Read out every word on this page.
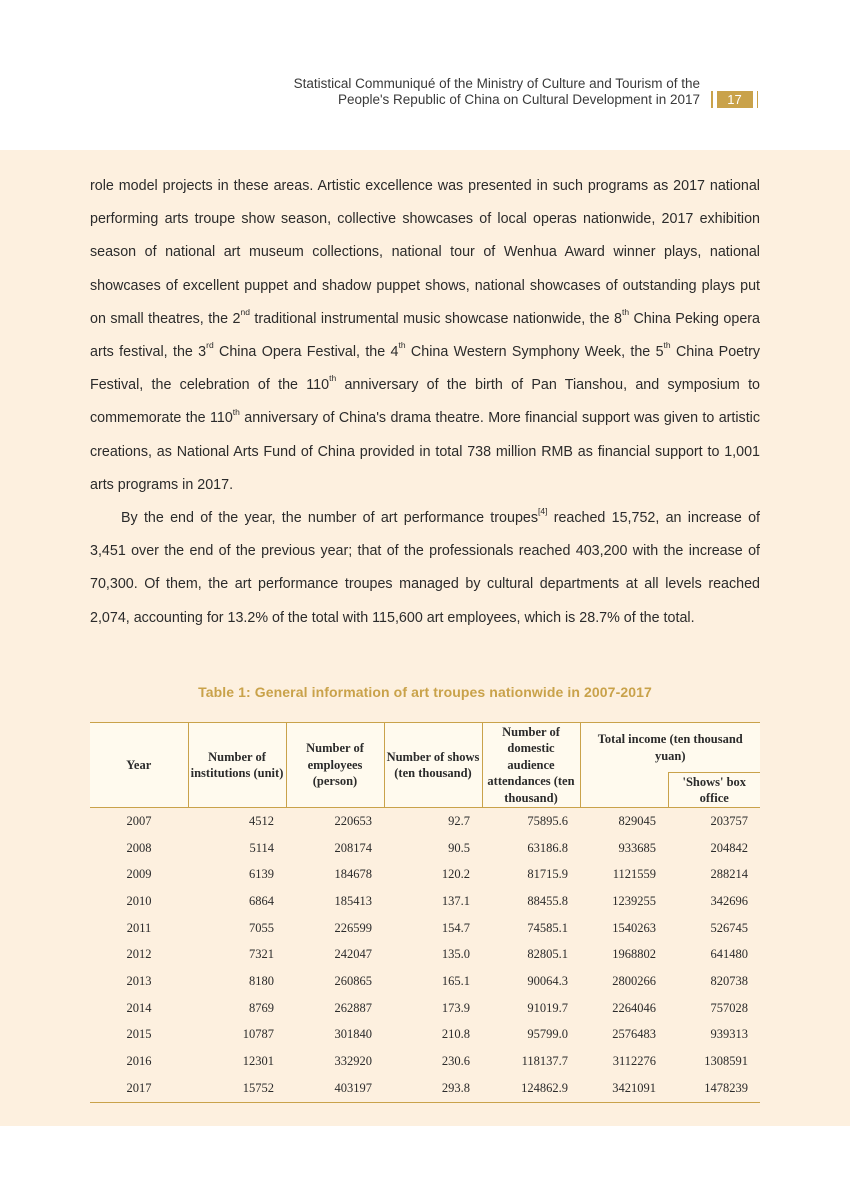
Statistical Communiqué of the Ministry of Culture and Tourism of the
People's Republic of China on Cultural Development in 2017	17

role model projects in these areas. Artistic excellence was presented in such programs as 2017 national performing arts troupe show season, collective showcases of local operas nationwide, 2017 exhibition season of national art museum collections, national tour of Wenhua Award winner plays, national showcases of excellent puppet and shadow puppet shows, national showcases of outstanding plays put on small theatres, the 2nd traditional instrumental music showcase nationwide, the 8th China Peking opera arts festival, the 3rd China Opera Festival, the 4th China Western Symphony Week, the 5th China Poetry Festival, the celebration of the 110th anniversary of the birth of Pan Tianshou, and symposium to commemorate the 110th anniversary of China's drama theatre. More financial support was given to artistic creations, as National Arts Fund of China provided in total 738 million RMB as financial support to 1,001 arts programs in 2017.

By the end of the year, the number of art performance troupes[4] reached 15,752, an increase of 3,451 over the end of the previous year; that of the professionals reached 403,200 with the increase of 70,300. Of them, the art performance troupes managed by cultural departments at all levels reached 2,074, accounting for 13.2% of the total with 115,600 art employees, which is 28.7% of the total.

Table 1: General information of art troupes nationwide in 2007-2017
Year	Number of institutions (unit)	Number of employees (person)	Number of shows (ten thousand)	Number of domestic audience attendances (ten thousand)	Total income (ten thousand yuan)	
						'Shows' box office
2007	4512	220653	92.7	75895.6	829045	203757
2008	5114	208174	90.5	63186.8	933685	204842
2009	6139	184678	120.2	81715.9	1121559	288214
2010	6864	185413	137.1	88455.8	1239255	342696
2011	7055	226599	154.7	74585.1	1540263	526745
2012	7321	242047	135.0	82805.1	1968802	641480
2013	8180	260865	165.1	90064.3	2800266	820738
2014	8769	262887	173.9	91019.7	2264046	757028
2015	10787	301840	210.8	95799.0	2576483	939313
2016	12301	332920	230.6	118137.7	3112276	1308591
2017	15752	403197	293.8	124862.9	3421091	1478239
